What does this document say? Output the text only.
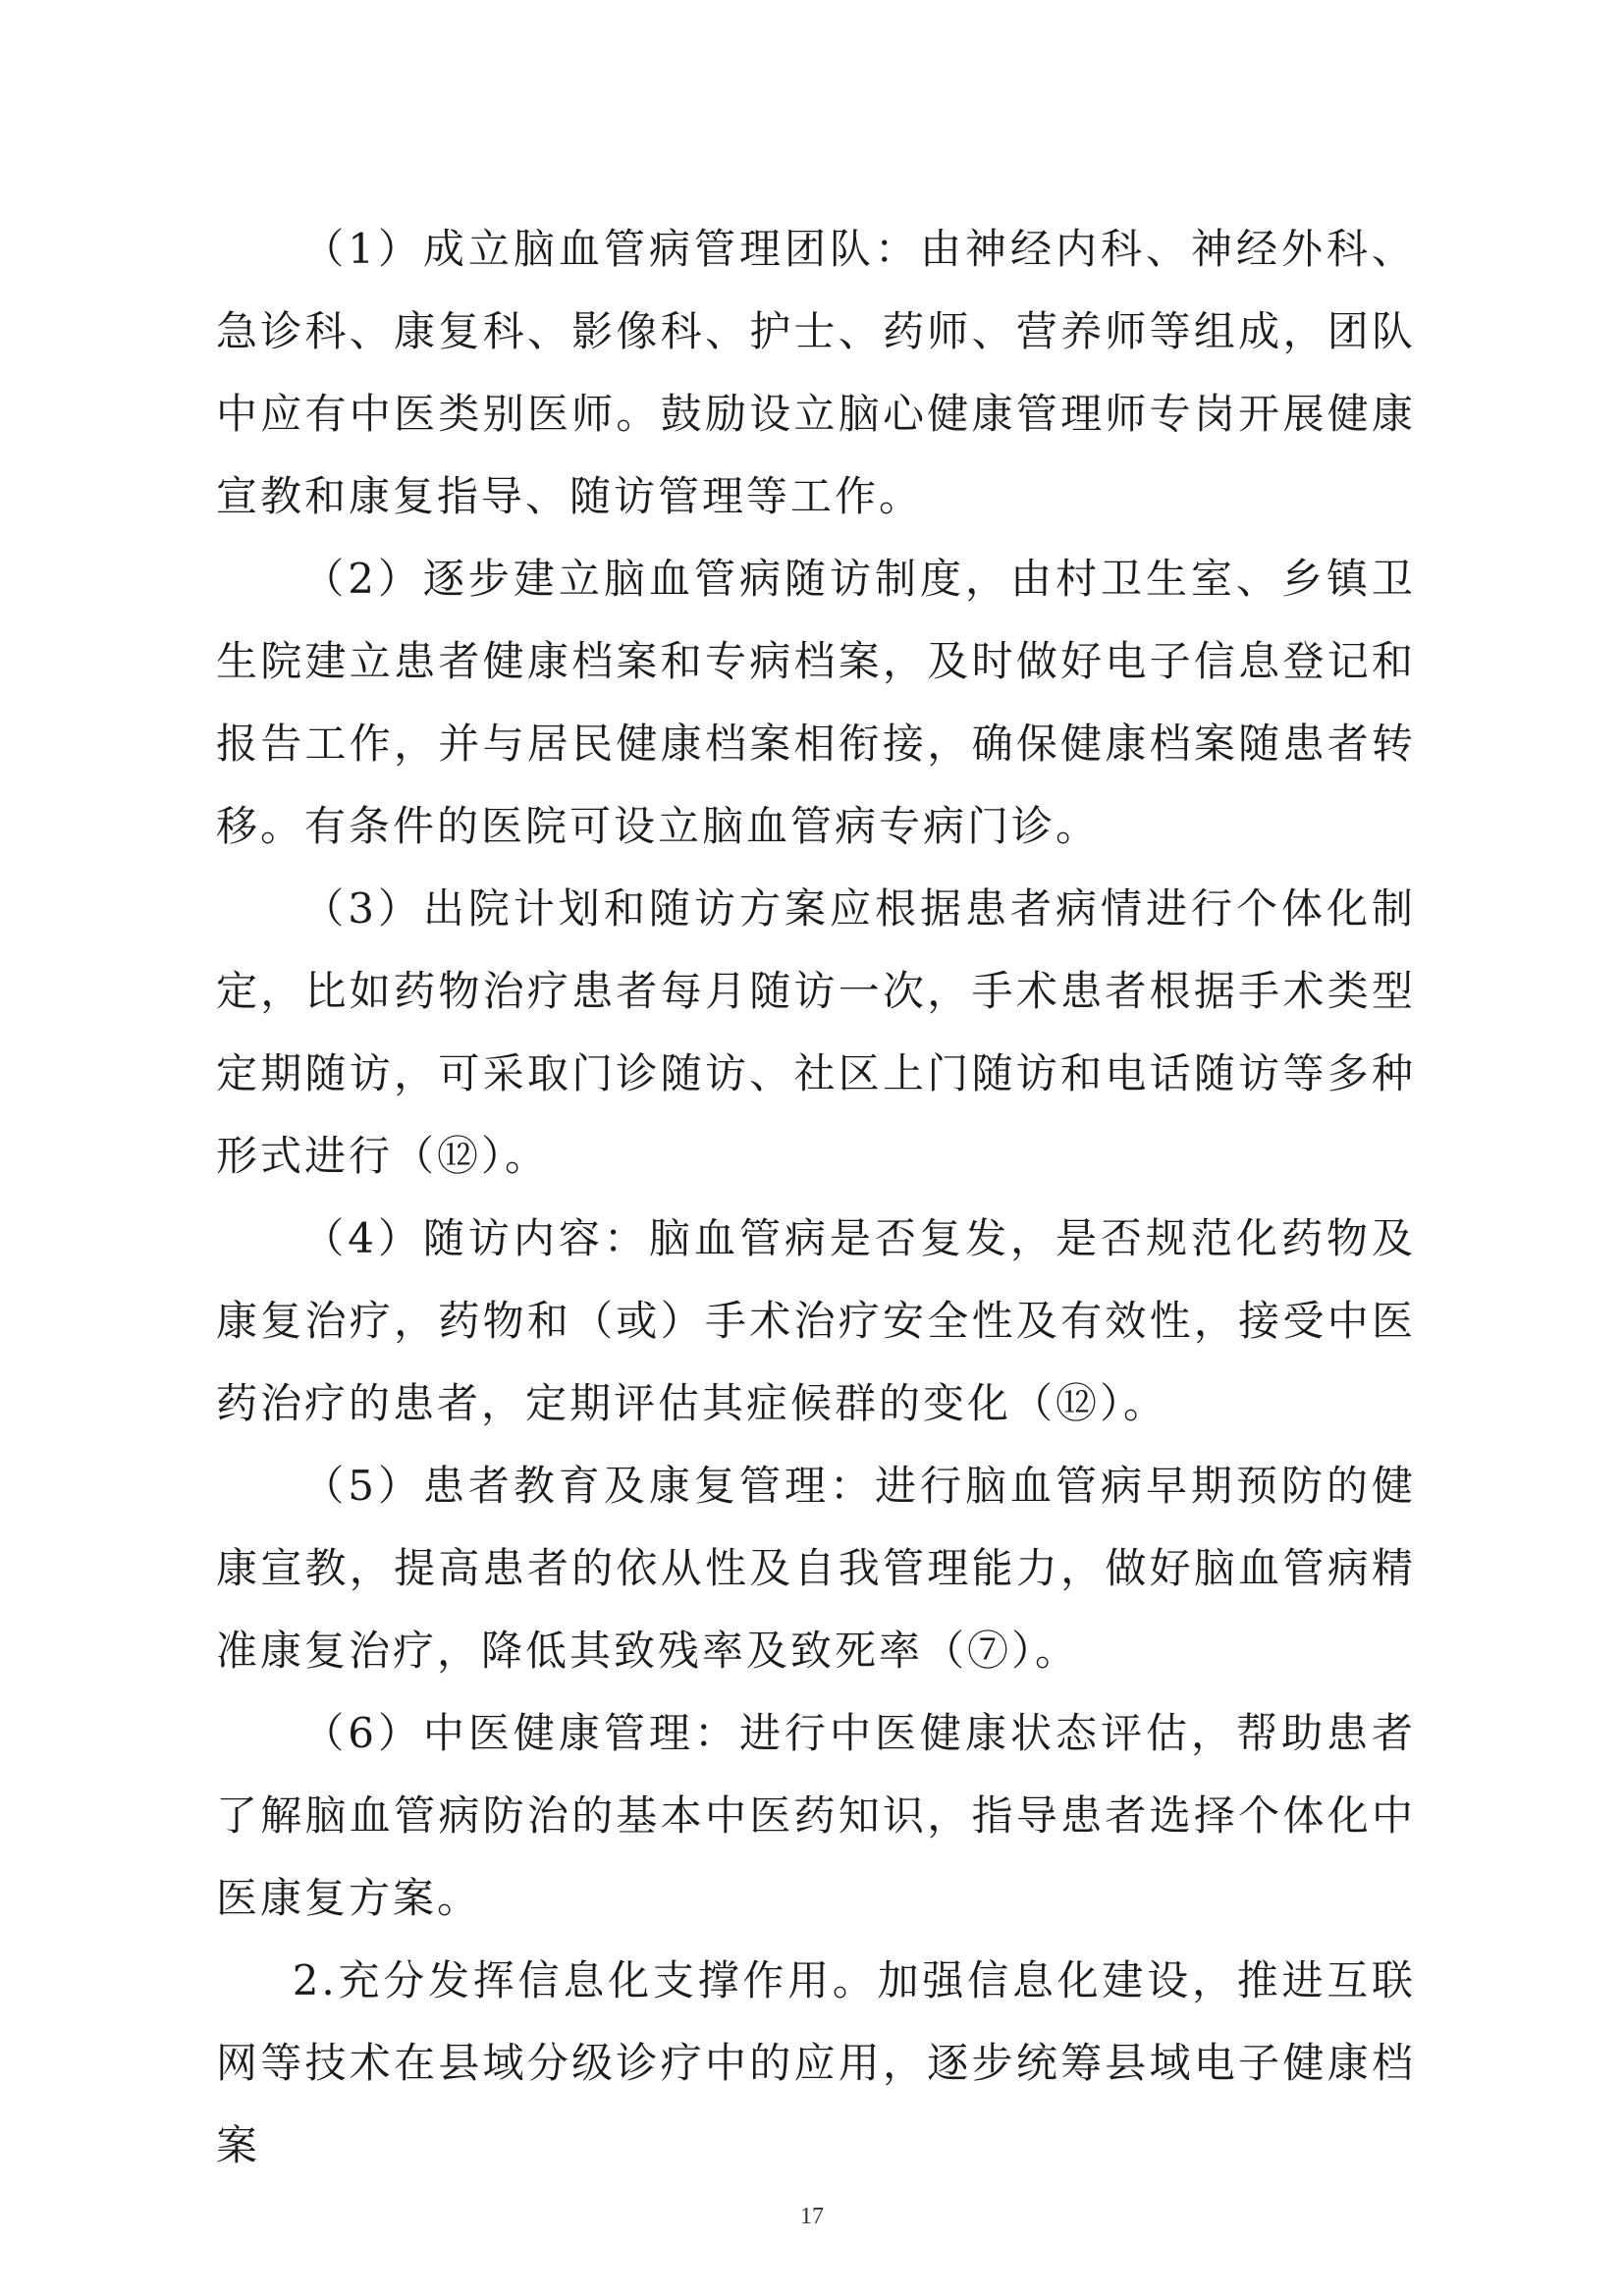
（1）成立脑血管病管理团队：由神经内科、神经外科、急诊科、康复科、影像科、护士、药师、营养师等组成，团队中应有中医类别医师。鼓励设立脑心健康管理师专岗开展健康宣教和康复指导、随访管理等工作。

（2）逐步建立脑血管病随访制度，由村卫生室、乡镇卫生院建立患者健康档案和专病档案，及时做好电子信息登记和报告工作，并与居民健康档案相衔接，确保健康档案随患者转移。有条件的医院可设立脑血管病专病门诊。

（3）出院计划和随访方案应根据患者病情进行个体化制定，比如药物治疗患者每月随访一次，手术患者根据手术类型定期随访，可采取门诊随访、社区上门随访和电话随访等多种形式进行（⑫）。

（4）随访内容：脑血管病是否复发，是否规范化药物及康复治疗，药物和（或）手术治疗安全性及有效性，接受中医药治疗的患者，定期评估其症候群的变化（⑫）。

（5）患者教育及康复管理：进行脑血管病早期预防的健康宣教，提高患者的依从性及自我管理能力，做好脑血管病精准康复治疗，降低其致残率及致死率（⑦）。

（6）中医健康管理：进行中医健康状态评估，帮助患者了解脑血管病防治的基本中医药知识，指导患者选择个体化中医康复方案。

2.充分发挥信息化支撑作用。加强信息化建设，推进互联网等技术在县域分级诊疗中的应用，逐步统筹县域电子健康档案

17
